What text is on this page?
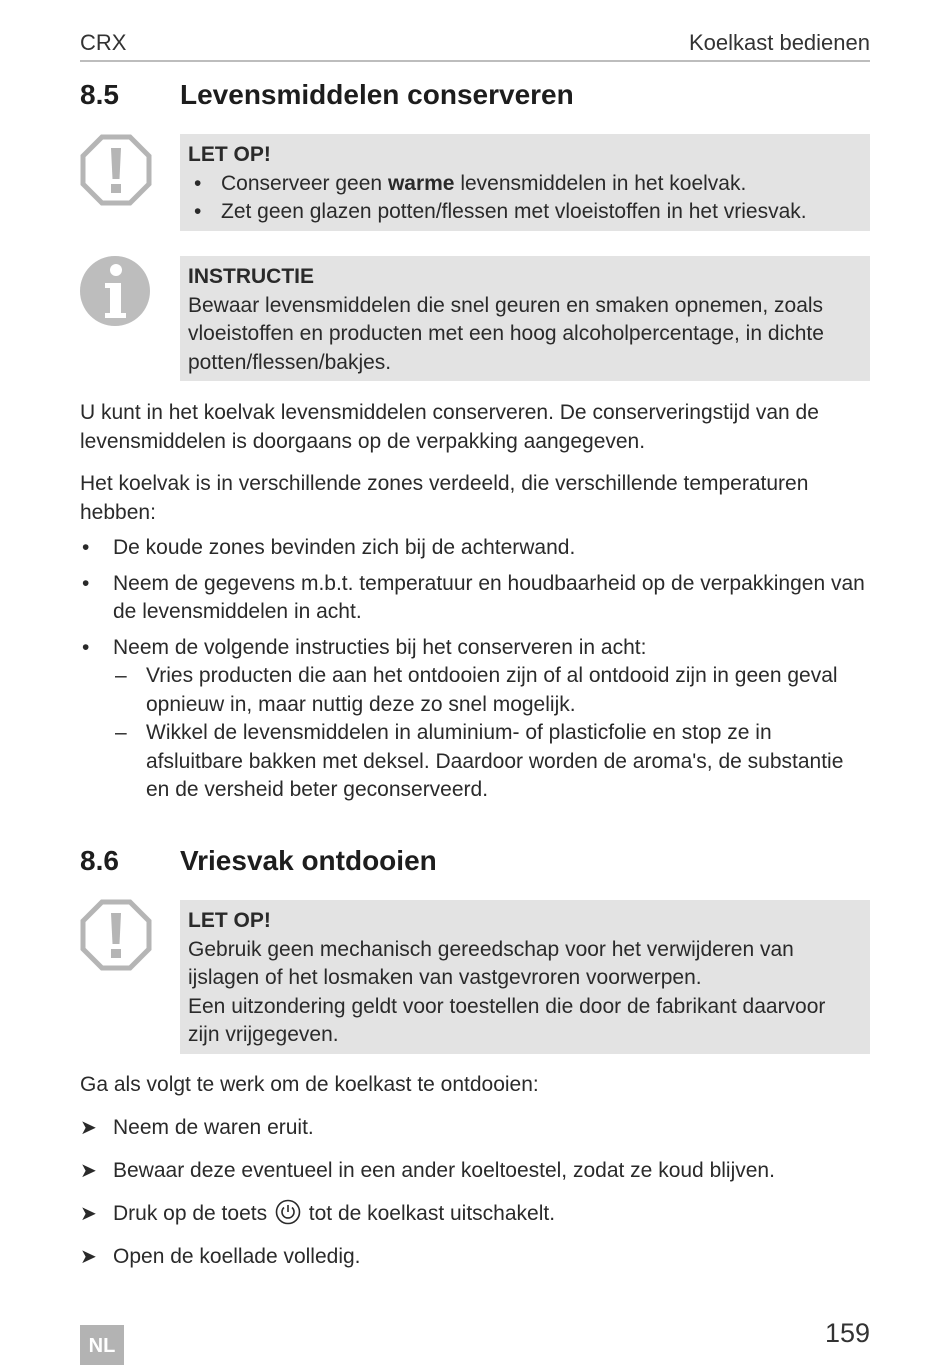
CRX	Koelkast bedienen
8.5 Levensmiddelen conserveren
LET OP!
• Conserveer geen warme levensmiddelen in het koelvak.
• Zet geen glazen potten/flessen met vloeistoffen in het vriesvak.
INSTRUCTIE

Bewaar levensmiddelen die snel geuren en smaken opnemen, zoals vloeistoffen en producten met een hoog alcoholpercentage, in dichte potten/flessen/bakjes.

U kunt in het koelvak levensmiddelen conserveren. De conserveringstijd van de levensmiddelen is doorgaans op de verpakking aangegeven.

Het koelvak is in verschillende zones verdeeld, die verschillende temperaturen hebben:

• De koude zones bevinden zich bij de achterwand.
• Neem de gegevens m.b.t. temperatuur en houdbaarheid op de verpakkingen van de levensmiddelen in acht.
• Neem de volgende instructies bij het conserveren in acht:
– Vries producten die aan het ontdooien zijn of al ontdooid zijn in geen geval opnieuw in, maar nuttig deze zo snel mogelijk.
– Wikkel de levensmiddelen in aluminium- of plasticfolie en stop ze in afsluitbare bakken met deksel. Daardoor worden de aroma's, de substantie en de versheid beter geconserveerd.
8.6 Vriesvak ontdooien
LET OP!

Gebruik geen mechanisch gereedschap voor het verwijderen van ijslagen of het losmaken van vastgevroren voorwerpen.

Een uitzondering geldt voor toestellen die door de fabrikant daarvoor zijn vrijgegeven.

Ga als volgt te werk om de koelkast te ontdooien:

➤ Neem de waren eruit.
➤ Bewaar deze eventueel in een ander koeltoestel, zodat ze koud blijven.
➤ Druk op de toets  tot de koelkast uitschakelt.
➤ Open de koellade volledig.
159
NL
